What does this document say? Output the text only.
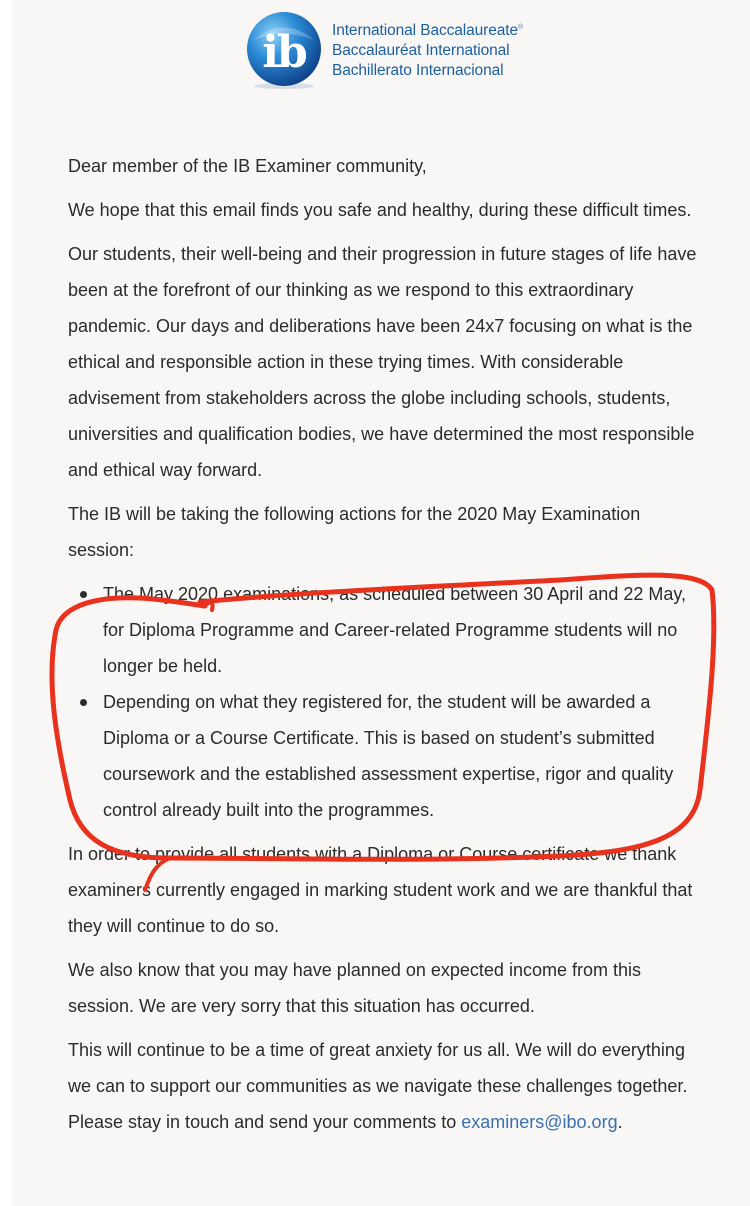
ib International Baccalaureate®
Baccalauréat International
Bachillerato Internacional

Dear member of the IB Examiner community,

We hope that this email finds you safe and healthy, during these difficult times.

Our students, their well-being and their progression in future stages of life have been at the forefront of our thinking as we respond to this extraordinary pandemic. Our days and deliberations have been 24x7 focusing on what is the ethical and responsible action in these trying times. With considerable advisement from stakeholders across the globe including schools, students, universities and qualification bodies, we have determined the most responsible and ethical way forward.

The IB will be taking the following actions for the 2020 May Examination session:

The May 2020 examinations, as scheduled between 30 April and 22 May, for Diploma Programme and Career-related Programme students will no longer be held.
Depending on what they registered for, the student will be awarded a Diploma or a Course Certificate. This is based on student’s submitted coursework and the established assessment expertise, rigor and quality control already built into the programmes.

In order to provide all students with a Diploma or Course certificate we thank examiners currently engaged in marking student work and we are thankful that they will continue to do so.

We also know that you may have planned on expected income from this session. We are very sorry that this situation has occurred.

This will continue to be a time of great anxiety for us all. We will do everything we can to support our communities as we navigate these challenges together. Please stay in touch and send your comments to examiners@ibo.org.
